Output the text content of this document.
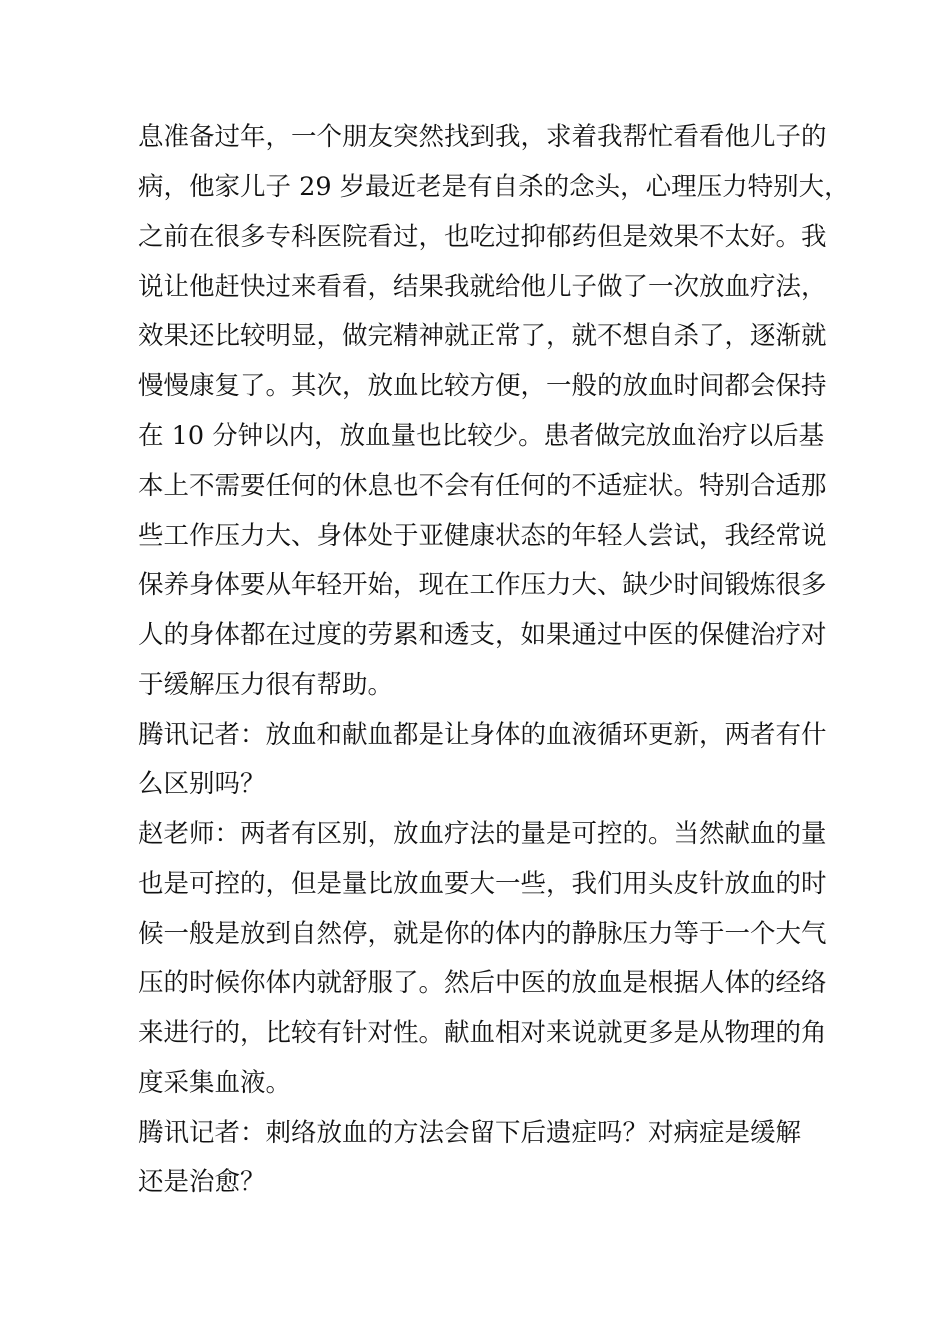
息准备过年，一个朋友突然找到我，求着我帮忙看看他儿子的
病，他家儿子 29 岁最近老是有自杀的念头，心理压力特别大，
之前在很多专科医院看过，也吃过抑郁药但是效果不太好。我
说让他赶快过来看看，结果我就给他儿子做了一次放血疗法，
效果还比较明显，做完精神就正常了，就不想自杀了，逐渐就
慢慢康复了。其次，放血比较方便，一般的放血时间都会保持
在 10 分钟以内，放血量也比较少。患者做完放血治疗以后基
本上不需要任何的休息也不会有任何的不适症状。特别合适那
些工作压力大、身体处于亚健康状态的年轻人尝试，我经常说
保养身体要从年轻开始，现在工作压力大、缺少时间锻炼很多
人的身体都在过度的劳累和透支，如果通过中医的保健治疗对
于缓解压力很有帮助。
腾讯记者：放血和献血都是让身体的血液循环更新，两者有什
么区别吗？
赵老师：两者有区别，放血疗法的量是可控的。当然献血的量
也是可控的，但是量比放血要大一些，我们用头皮针放血的时
候一般是放到自然停，就是你的体内的静脉压力等于一个大气
压的时候你体内就舒服了。然后中医的放血是根据人体的经络
来进行的，比较有针对性。献血相对来说就更多是从物理的角
度采集血液。
腾讯记者：刺络放血的方法会留下后遗症吗？对病症是缓解
还是治愈？
